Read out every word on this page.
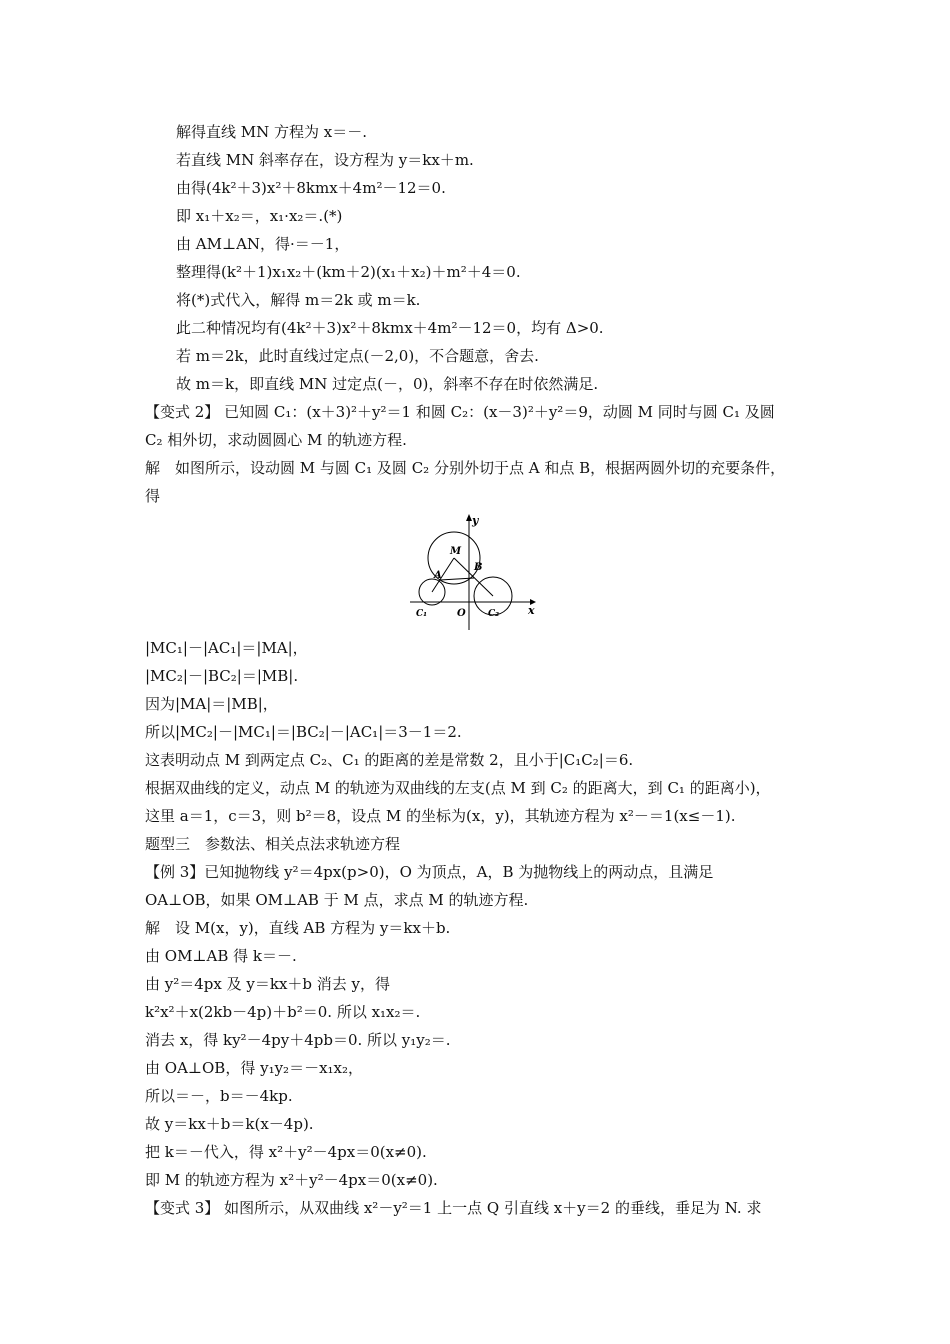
解得直线 MN 方程为 x＝－.
若直线 MN 斜率存在，设方程为 y＝kx＋m.
由得(4k²＋3)x²＋8kmx＋4m²－12＝0.
即 x₁＋x₂＝，x₁·x₂＝.(*)
由 AM⊥AN，得·＝－1，
整理得(k²＋1)x₁x₂＋(km＋2)(x₁＋x₂)＋m²＋4＝0.
将(*)式代入，解得 m＝2k 或 m＝k.
此二种情况均有(4k²＋3)x²＋8kmx＋4m²－12＝0，均有 Δ>0.
若 m＝2k，此时直线过定点(－2,0)，不合题意，舍去.
故 m＝k，即直线 MN 过定点(－，0)，斜率不存在时依然满足.
【变式 2】 已知圆 C₁：(x＋3)²＋y²＝1 和圆 C₂：(x－3)²＋y²＝9，动圆 M 同时与圆 C₁ 及圆
C₂ 相外切，求动圆圆心 M 的轨迹方程.
解　如图所示，设动圆 M 与圆 C₁ 及圆 C₂ 分别外切于点 A 和点 B，根据两圆外切的充要条件，
得
y
x
M
A
B
C₁	O C₂
|MC₁|－|AC₁|＝|MA|，
|MC₂|－|BC₂|＝|MB|.
因为|MA|＝|MB|，
所以|MC₂|－|MC₁|＝|BC₂|－|AC₁|＝3－1＝2.
这表明动点 M 到两定点 C₂、C₁ 的距离的差是常数 2，且小于|C₁C₂|＝6.
根据双曲线的定义，动点 M 的轨迹为双曲线的左支(点 M 到 C₂ 的距离大，到 C₁ 的距离小)，
这里 a＝1，c＝3，则 b²＝8，设点 M 的坐标为(x，y)，其轨迹方程为 x²－＝1(x≤－1).
题型三　参数法、相关点法求轨迹方程
【例 3】已知抛物线 y²＝4px(p>0)，O 为顶点，A，B 为抛物线上的两动点，且满足
OA⊥OB，如果 OM⊥AB 于 M 点，求点 M 的轨迹方程.
解　设 M(x，y)，直线 AB 方程为 y＝kx＋b.
由 OM⊥AB 得 k＝－.
由 y²＝4px 及 y＝kx＋b 消去 y，得
k²x²＋x(2kb－4p)＋b²＝0. 所以 x₁x₂＝.
消去 x，得 ky²－4py＋4pb＝0. 所以 y₁y₂＝.
由 OA⊥OB，得 y₁y₂＝－x₁x₂，
所以＝－，b＝－4kp.
故 y＝kx＋b＝k(x－4p).
把 k＝－代入，得 x²＋y²－4px＝0(x≠0).
即 M 的轨迹方程为 x²＋y²－4px＝0(x≠0).
【变式 3】 如图所示，从双曲线 x²－y²＝1 上一点 Q 引直线 x＋y＝2 的垂线，垂足为 N. 求
